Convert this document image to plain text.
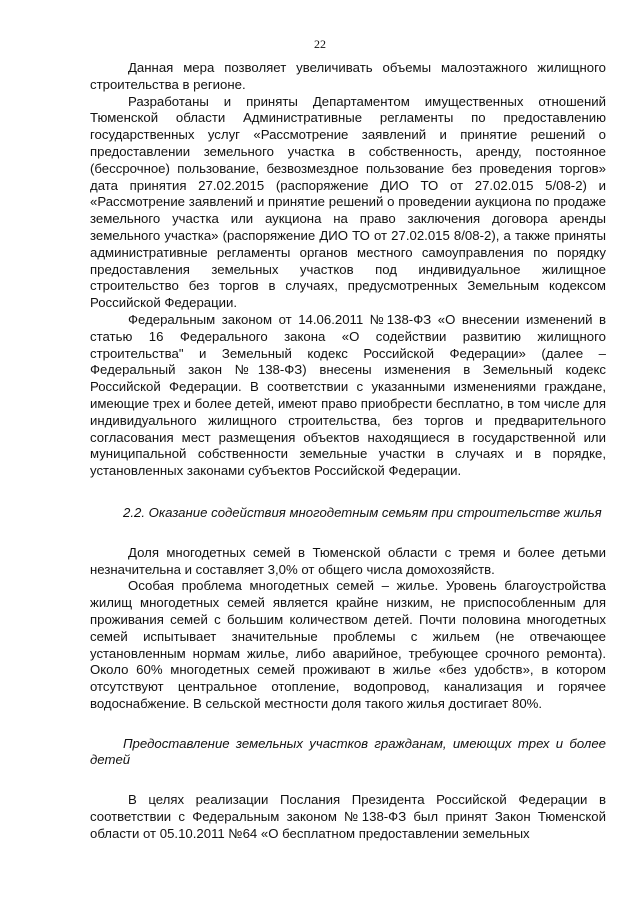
22

Данная мера позволяет увеличивать объемы малоэтажного жилищного строительства в регионе.

Разработаны и приняты Департаментом имущественных отношений Тюменской области Административные регламенты по предоставлению государственных услуг «Рассмотрение заявлений и принятие решений о предоставлении земельного участка в собственность, аренду, постоянное (бессрочное) пользование, безвозмездное пользование без проведения торгов» дата принятия 27.02.2015 (распоряжение ДИО ТО от 27.02.015 5/08-2) и «Рассмотрение заявлений и принятие решений о проведении аукциона по продаже земельного участка или аукциона на право заключения договора аренды земельного участка» (распоряжение ДИО ТО от 27.02.015 8/08-2), а также приняты административные регламенты органов местного самоуправления по порядку предоставления земельных участков под индивидуальное жилищное строительство без торгов в случаях, предусмотренных Земельным кодексом Российской Федерации.

Федеральным законом от 14.06.2011 №138-ФЗ «О внесении изменений в статью 16 Федерального закона «О содействии развитию жилищного строительства" и Земельный кодекс Российской Федерации» (далее – Федеральный закон №138-ФЗ) внесены изменения в Земельный кодекс Российской Федерации. В соответствии с указанными изменениями граждане, имеющие трех и более детей, имеют право приобрести бесплатно, в том числе для индивидуального жилищного строительства, без торгов и предварительного согласования мест размещения объектов находящиеся в государственной или муниципальной собственности земельные участки в случаях и в порядке, установленных законами субъектов Российской Федерации.

2.2. Оказание содействия многодетным семьям при строительстве жилья

Доля многодетных семей в Тюменской области с тремя и более детьми незначительна и составляет 3,0% от общего числа домохозяйств.

Особая проблема многодетных семей – жилье. Уровень благоустройства жилищ многодетных семей является крайне низким, не приспособленным для проживания семей с большим количеством детей. Почти половина многодетных семей испытывает значительные проблемы с жильем (не отвечающее установленным нормам жилье, либо аварийное, требующее срочного ремонта). Около 60% многодетных семей проживают в жилье «без удобств», в котором отсутствуют центральное отопление, водопровод, канализация и горячее водоснабжение. В сельской местности доля такого жилья достигает 80%.

Предоставление земельных участков гражданам, имеющих трех и более детей

В целях реализации Послания Президента Российской Федерации в соответствии с Федеральным законом №138-ФЗ был принят Закон Тюменской области от 05.10.2011 №64 «О бесплатном предоставлении земельных
